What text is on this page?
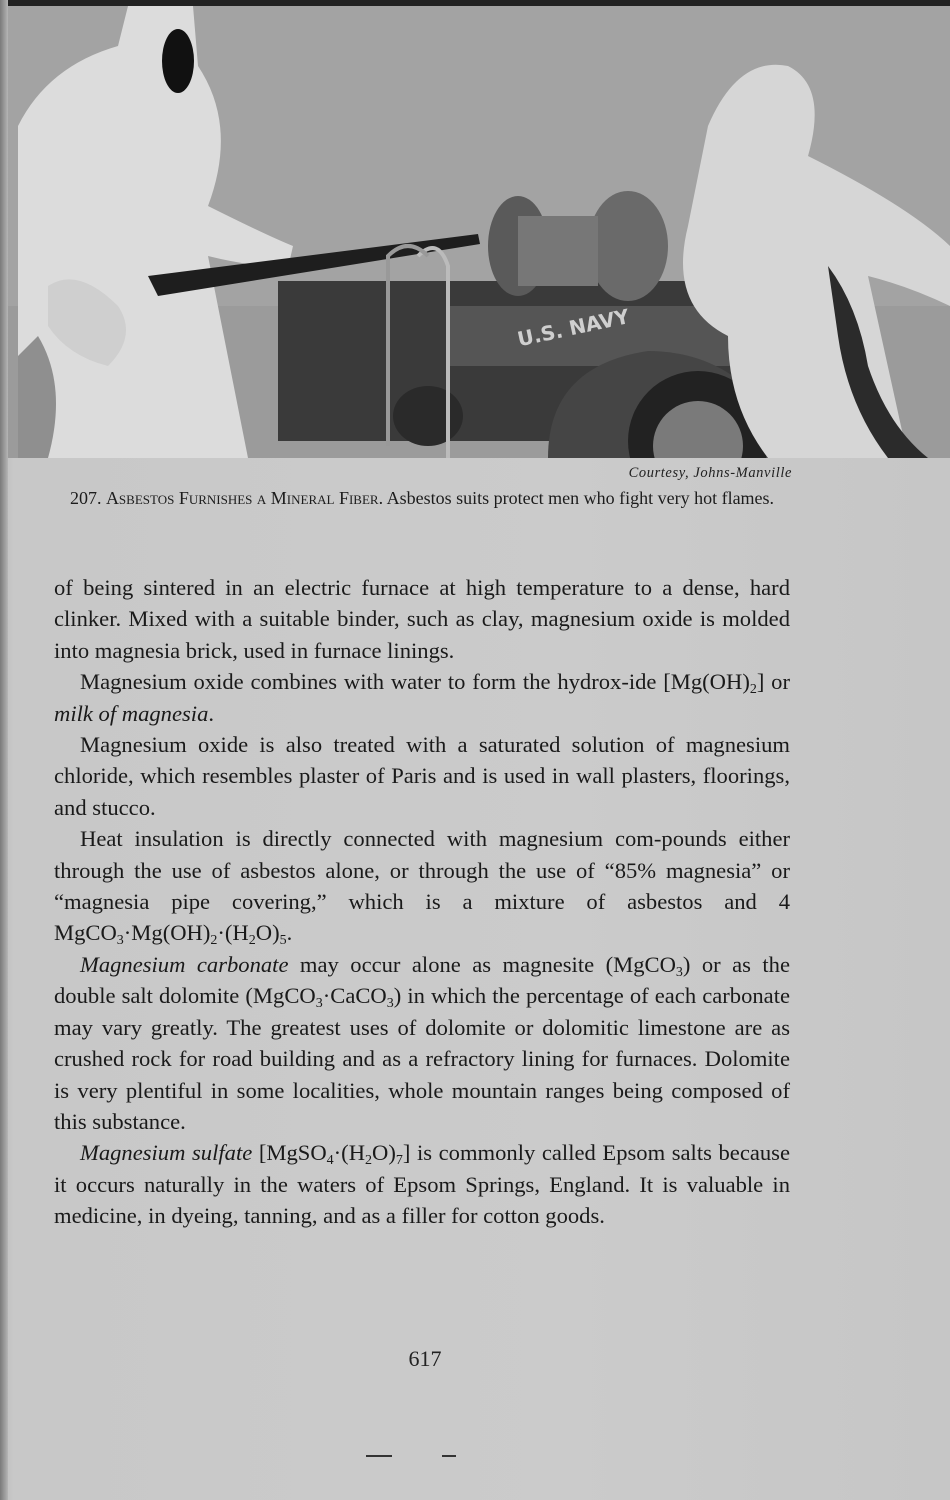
U.S. NAVY
Courtesy, Johns-Manville
207. Asbestos Furnishes a Mineral Fiber. Asbestos suits protect men who fight very hot flames.

of being sintered in an electric furnace at high temperature to a dense, hard clinker. Mixed with a suitable binder, such as clay, magnesium oxide is molded into magnesia brick, used in furnace linings.

Magnesium oxide combines with water to form the hydrox-ide $[Mg(OH)_2]$ or milk of magnesia.

Magnesium oxide is also treated with a saturated solution of magnesium chloride, which resembles plaster of Paris and is used in wall plasters, floorings, and stucco.

Heat insulation is directly connected with magnesium com-pounds either through the use of asbestos alone, or through the use of “85% magnesia” or “magnesia pipe covering,” which is a mixture of asbestos and 4 $MgCO_3\cdot Mg(OH)_2\cdot(H_2O)_5$.

Magnesium carbonate may occur alone as magnesite (MgCO$_3$) or as the double salt dolomite (MgCO$_3$·CaCO$_3$) in which the percentage of each carbonate may vary greatly. The greatest uses of dolomite or dolomitic limestone are as crushed rock for road building and as a refractory lining for furnaces. Dolomite is very plentiful in some localities, whole mountain ranges being composed of this substance.

Magnesium sulfate $[MgSO_4\cdot(H_2O)_7]$ is commonly called Epsom salts because it occurs naturally in the waters of Epsom Springs, England. It is valuable in medicine, in dyeing, tanning, and as a filler for cotton goods.

617
